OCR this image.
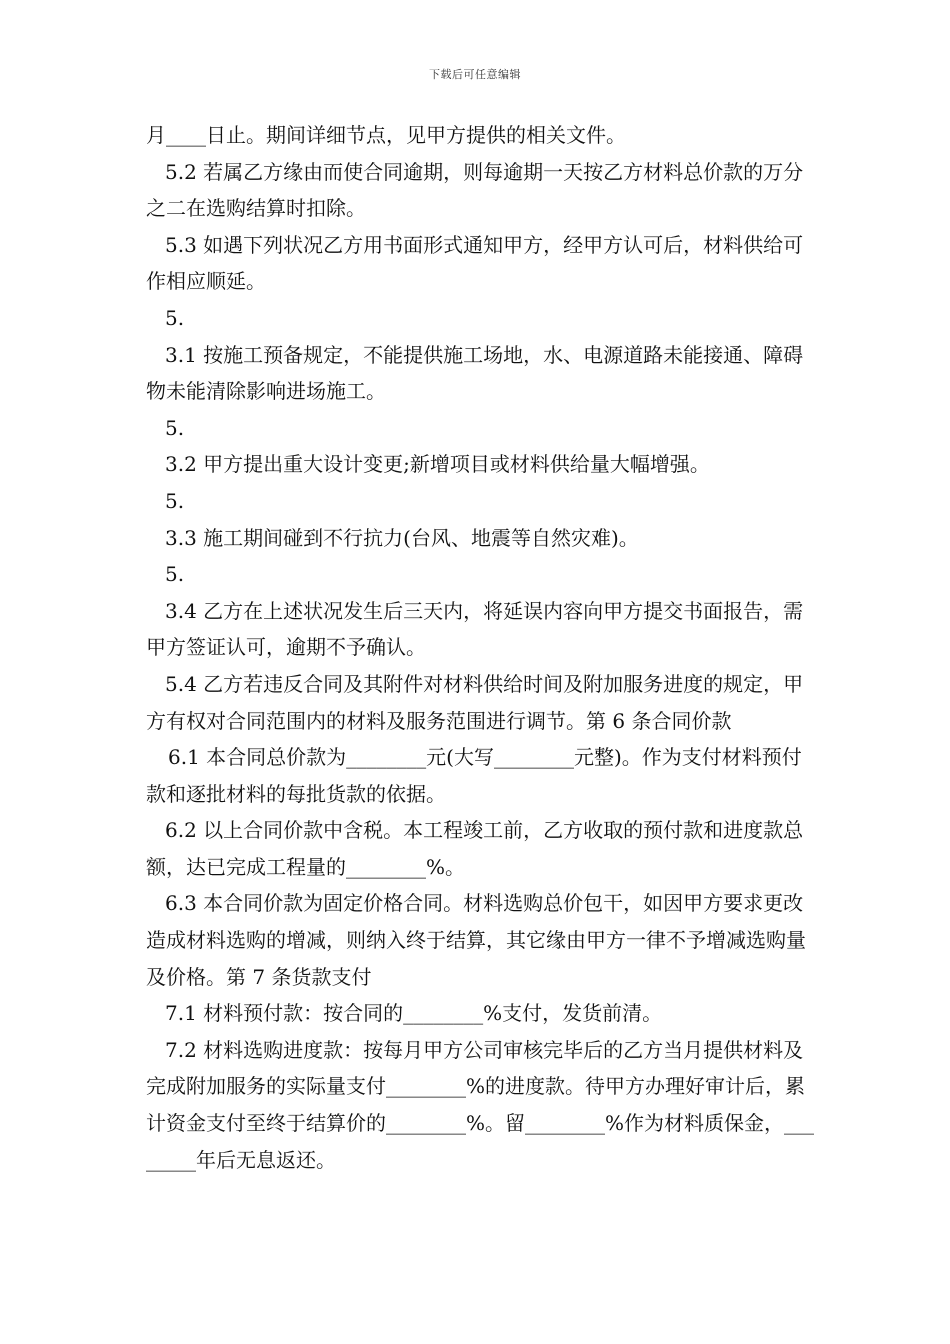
下载后可任意编辑

月____日止。期间详细节点，见甲方提供的相关文件。

5.2 若属乙方缘由而使合同逾期，则每逾期一天按乙方材料总价款的万分之二在选购结算时扣除。

5.3 如遇下列状况乙方用书面形式通知甲方，经甲方认可后，材料供给可作相应顺延。

5.

3.1 按施工预备规定，不能提供施工场地，水、电源道路未能接通、障碍物未能清除影响进场施工。

5.

3.2 甲方提出重大设计变更;新增项目或材料供给量大幅增强。

5.

3.3 施工期间碰到不行抗力(台风、地震等自然灾难)。

5.

3.4 乙方在上述状况发生后三天内，将延误内容向甲方提交书面报告，需甲方签证认可，逾期不予确认。

5.4 乙方若违反合同及其附件对材料供给时间及附加服务进度的规定，甲方有权对合同范围内的材料及服务范围进行调节。第 6 条合同价款

6.1 本合同总价款为________元(大写________元整)。作为支付材料预付款和逐批材料的每批货款的依据。

6.2 以上合同价款中含税。本工程竣工前，乙方收取的预付款和进度款总额，达已完成工程量的________%。

6.3 本合同价款为固定价格合同。材料选购总价包干，如因甲方要求更改造成材料选购的增减，则纳入终于结算，其它缘由甲方一律不予增减选购量及价格。第 7 条货款支付

7.1 材料预付款：按合同的________%支付，发货前清。

7.2 材料选购进度款：按每月甲方公司审核完毕后的乙方当月提供材料及完成附加服务的实际量支付________%的进度款。待甲方办理好审计后，累计资金支付至终于结算价的________%。留________%作为材料质保金，________年后无息返还。
